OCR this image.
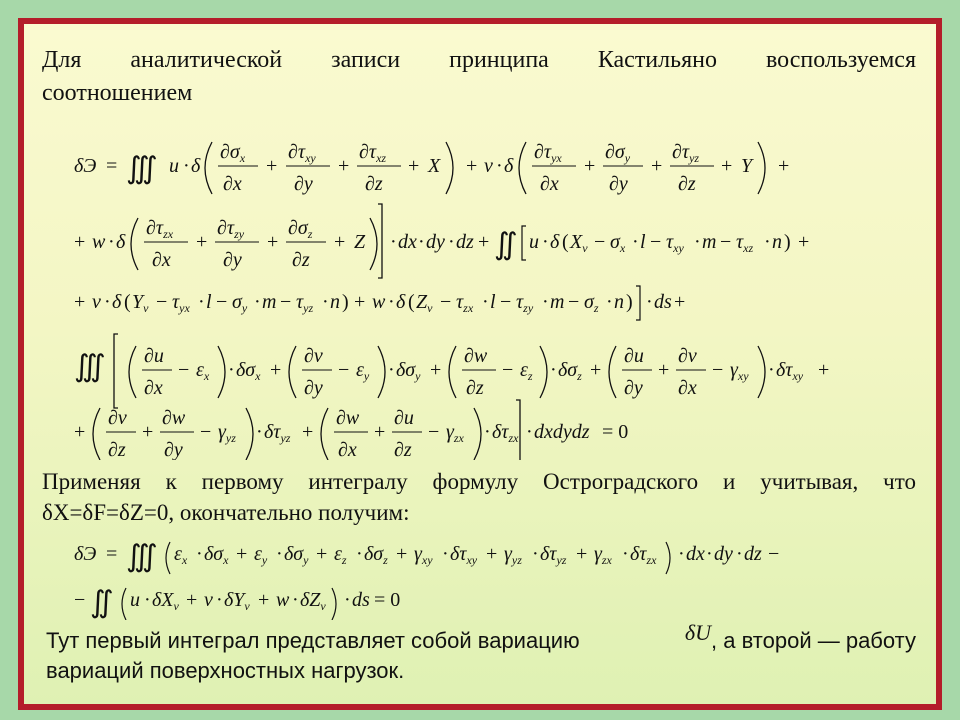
Для аналитической записи принципа Кастильяно воспользуемся
соотношением
δЭ = ∭ u · δ
$\partial\sigma_x$
∂x
+
$\partial\tau_{xy}$
∂y
+
$\partial\tau_{xz}$
∂z
+ X + v · δ
$\partial\tau_{yx}$
∂x
+
$\partial\sigma_y$
∂y
+
$\partial\tau_{yz}$
∂z
+ Y +
+ w · δ
$\partial\tau_{zx}$
∂x
+
$\partial\tau_{zy}$
∂y
+
$\partial\sigma_z$
∂z
+ Z · dx · dy · dz + ∬ u · δ ( $X_v - \sigma_x \cdot l - \tau_{xy} \cdot m - \tau_{xz} \cdot n$ ) +
+ v · δ ( $Y_v - \tau_{yx} \cdot l - \sigma_y \cdot m - \tau_{yz} \cdot n$ ) + w · δ ( $Z_v - \tau_{zx} \cdot l - \tau_{zy} \cdot m - \sigma_z \cdot n$ ) · ds +
∭ ∂u
∂x
− $\varepsilon_x \cdot \delta\sigma_x$ +
∂v
∂y
− $\varepsilon_y \cdot \delta\sigma_y$ +
∂w
∂z
− $\varepsilon_z \cdot \delta\sigma_z$ +
∂u
∂y
+
∂v
∂x
− $\gamma_{xy} \cdot \delta\tau_{xy}$ +
+
∂v
∂z
+
∂w
∂y
− $\gamma_{yz} \cdot \delta\tau_{yz}$ +
∂w
∂x
+
∂u
∂z
− $\gamma_{zx} \cdot \delta\tau_{zx}$ · dxdydz = 0
Применяя к первому интегралу формулу Остроградского и учитывая, что
δX=δF=δZ=0, окончательно получим:
δЭ = ∭ $\varepsilon_x \cdot \delta\sigma_x + \varepsilon_y \cdot \delta\sigma_y + \varepsilon_z \cdot \delta\sigma_z + \gamma_{xy} \cdot \delta\tau_{xy} + \gamma_{yz} \cdot \delta\tau_{yz} + \gamma_{zx} \cdot \delta\tau_{zx}$ · dx · dy · dz −
− ∬ $u \cdot \delta X_v + v \cdot \delta Y_v + w \cdot \delta Z_v$ · ds = 0
Тут первый интеграл представляет собой вариацию	δU, а второй — работу
вариаций поверхностных нагрузок.
